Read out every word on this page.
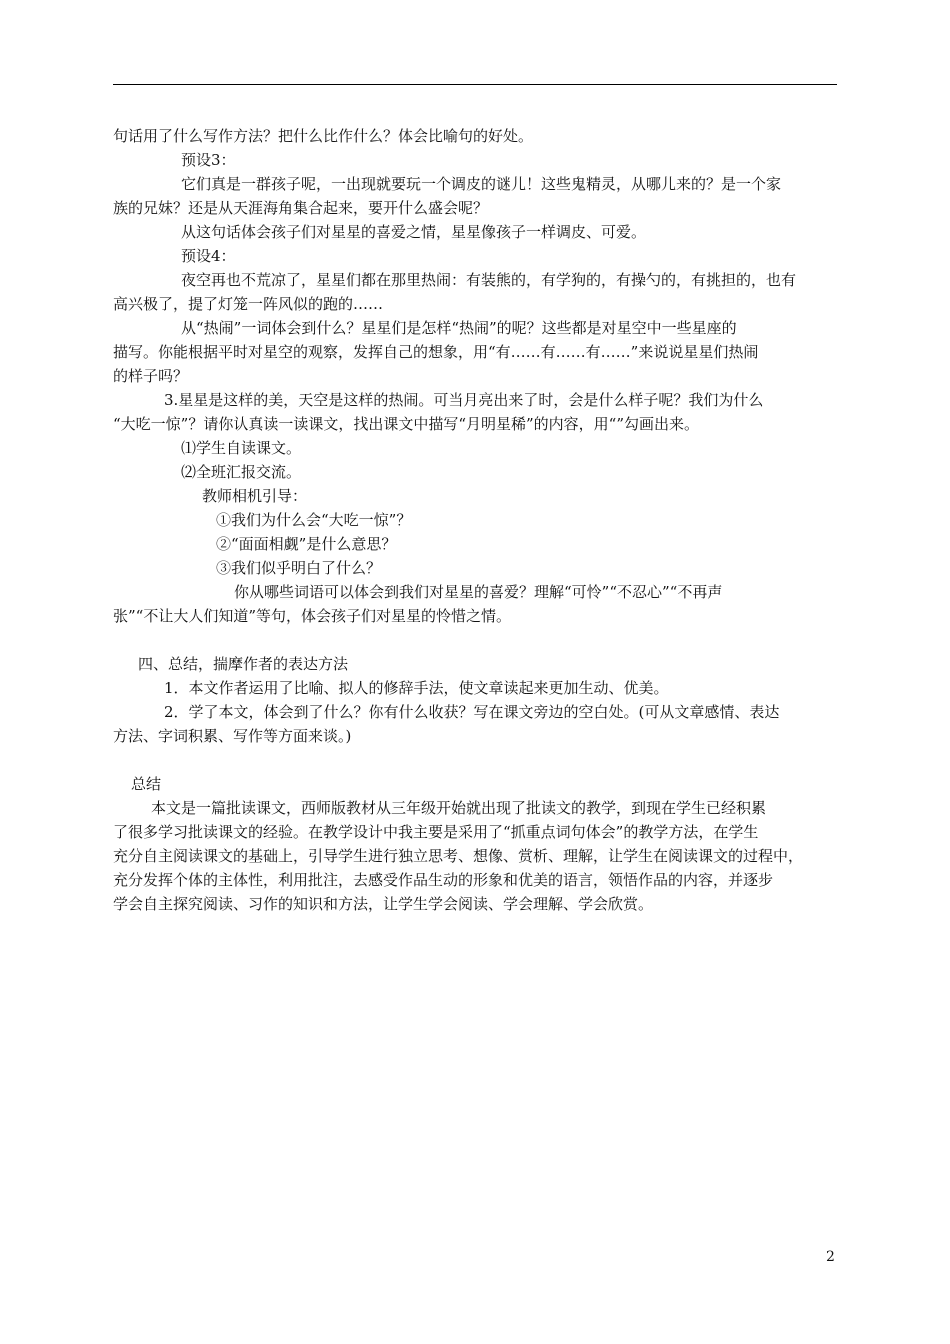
句话用了什么写作方法？把什么比作什么？体会比喻句的好处。
预设3：
它们真是一群孩子呢，一出现就要玩一个调皮的谜儿！这些鬼精灵，从哪儿来的？是一个家
族的兄妹？还是从天涯海角集合起来，要开什么盛会呢？
从这句话体会孩子们对星星的喜爱之情，星星像孩子一样调皮、可爱。
预设4：
夜空再也不荒凉了，星星们都在那里热闹：有装熊的，有学狗的，有操勺的，有挑担的，也有
高兴极了，提了灯笼一阵风似的跑的……
从“热闹”一词体会到什么？星星们是怎样“热闹”的呢？这些都是对星空中一些星座的
描写。你能根据平时对星空的观察，发挥自己的想象，用“有……有……有……”来说说星星们热闹
的样子吗？
3.星星是这样的美，天空是这样的热闹。可当月亮出来了时，会是什么样子呢？我们为什么
“大吃一惊”？请你认真读一读课文，找出课文中描写“月明星稀”的内容，用“”勾画出来。
⑴学生自读课文。
⑵全班汇报交流。
教师相机引导：
①我们为什么会“大吃一惊”？
②“面面相觑”是什么意思？
③我们似乎明白了什么？
你从哪些词语可以体会到我们对星星的喜爱？理解“可怜”“不忍心”“不再声
张”“不让大人们知道”等句，体会孩子们对星星的怜惜之情。
四、总结，揣摩作者的表达方法
1．本文作者运用了比喻、拟人的修辞手法，使文章读起来更加生动、优美。
2．学了本文，体会到了什么？你有什么收获？写在课文旁边的空白处。(可从文章感情、表达
方法、字词积累、写作等方面来谈。)
总结
本文是一篇批读课文，西师版教材从三年级开始就出现了批读文的教学，到现在学生已经积累
了很多学习批读课文的经验。在教学设计中我主要是采用了“抓重点词句体会”的教学方法，在学生
充分自主阅读课文的基础上，引导学生进行独立思考、想像、赏析、理解，让学生在阅读课文的过程中，
充分发挥个体的主体性，利用批注，去感受作品生动的形象和优美的语言，领悟作品的内容，并逐步
学会自主探究阅读、习作的知识和方法，让学生学会阅读、学会理解、学会欣赏。
2
